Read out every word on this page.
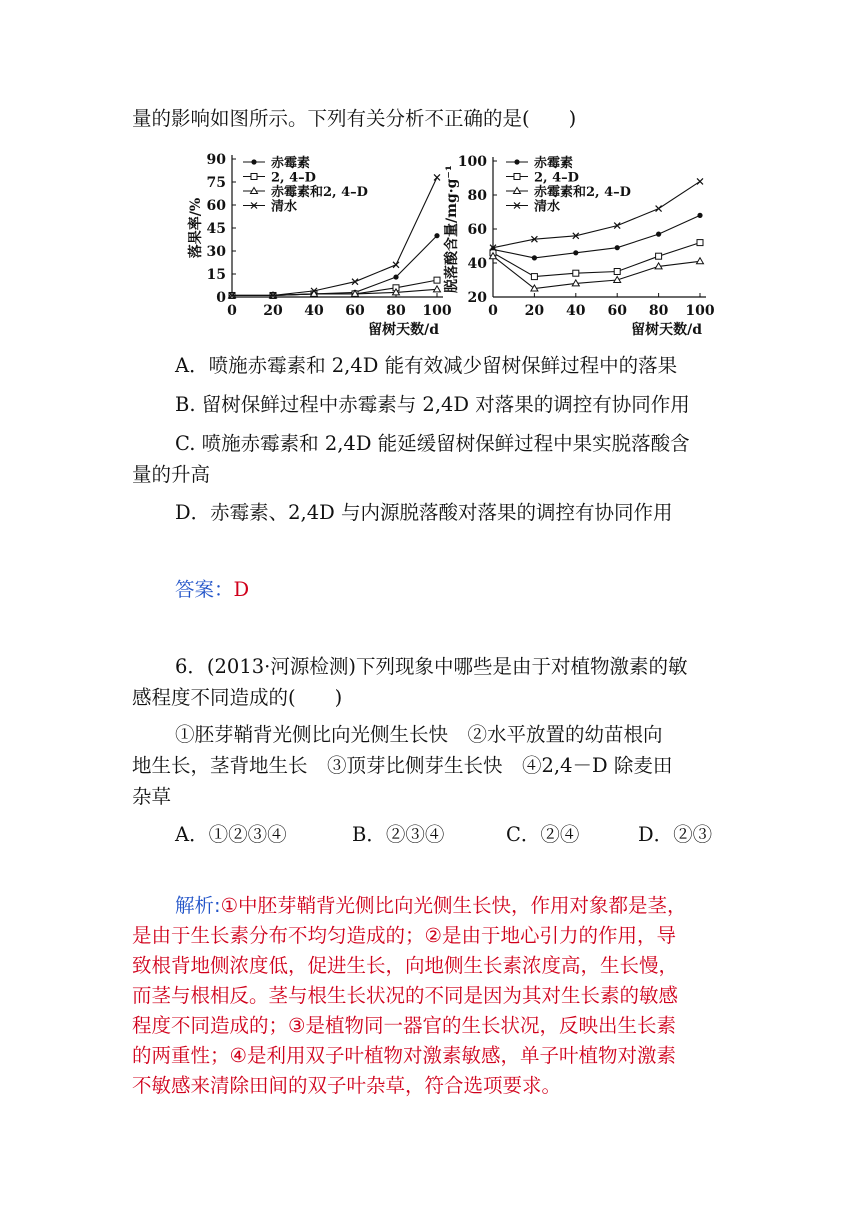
量的影响如图所示。下列有关分析不正确的是(　　)
0 20 40 60 80 100
0
15
30
45
60
75
90
留树天数/d
落果率/%
赤霉素
2, 4–D
赤霉素和2, 4–D
清水
0 20 40 60 80 100
20
40
60
80
100
留树天数/d
脱落酸含量/mg·g⁻¹
赤霉素
2, 4–D
赤霉素和2, 4–D
清水
A．喷施赤霉素和 2,4D 能有效减少留树保鲜过程中的落果
B. 留树保鲜过程中赤霉素与 2,4D 对落果的调控有协同作用
C. 喷施赤霉素和 2,4D 能延缓留树保鲜过程中果实脱落酸含
量的升高
D．赤霉素、2,4D 与内源脱落酸对落果的调控有协同作用
答案：D
6．(2013·河源检测)下列现象中哪些是由于对植物激素的敏
感程度不同造成的(　　)
①胚芽鞘背光侧比向光侧生长快　②水平放置的幼苗根向
地生长，茎背地生长　③顶芽比侧芽生长快　④2,4－D 除麦田
杂草
A．①②③④	B．②③④	C．②④	D．②③
解析:①中胚芽鞘背光侧比向光侧生长快，作用对象都是茎，
是由于生长素分布不均匀造成的；②是由于地心引力的作用，导
致根背地侧浓度低，促进生长，向地侧生长素浓度高，生长慢，
而茎与根相反。茎与根生长状况的不同是因为其对生长素的敏感
程度不同造成的；③是植物同一器官的生长状况，反映出生长素
的两重性；④是利用双子叶植物对激素敏感，单子叶植物对激素
不敏感来清除田间的双子叶杂草，符合选项要求。
